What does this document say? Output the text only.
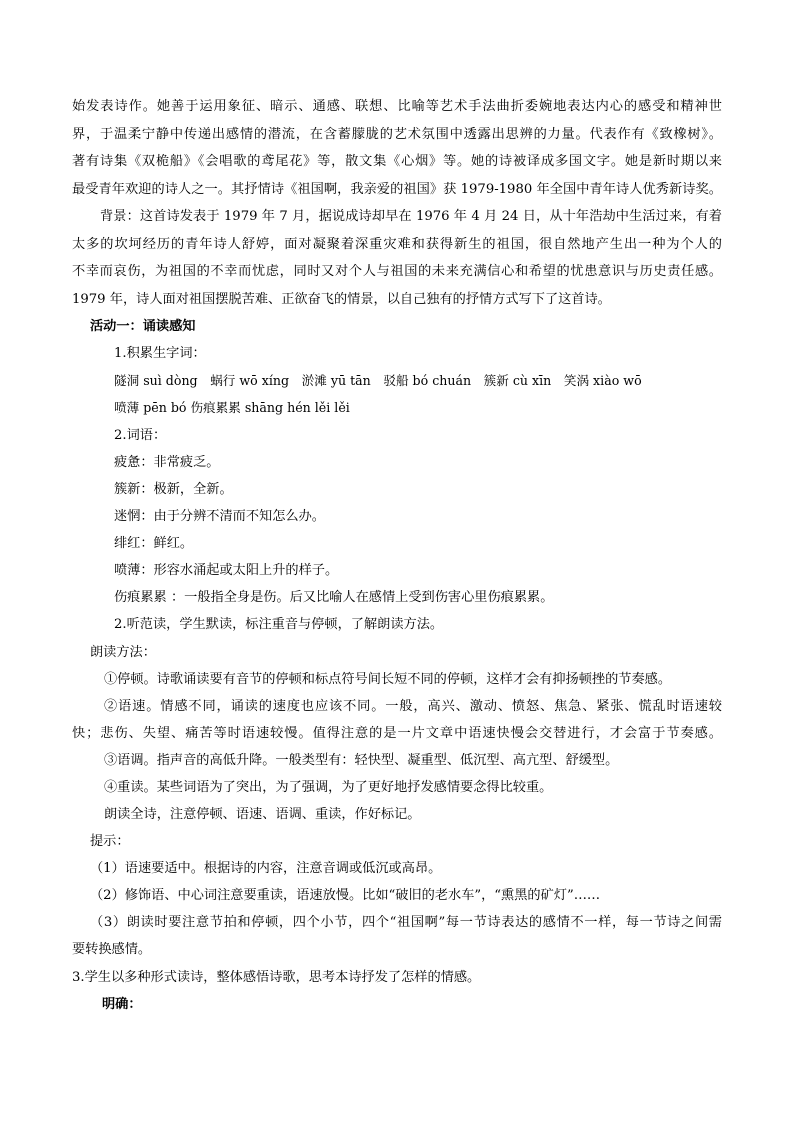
始发表诗作。她善于运用象征、暗示、通感、联想、比喻等艺术手法曲折委婉地表达内心的感受和精神世
界，于温柔宁静中传递出感情的潜流，在含蓄朦胧的艺术氛围中透露出思辨的力量。代表作有《致橡树》。
著有诗集《双桅船》《会唱歌的鸢尾花》等，散文集《心烟》等。她的诗被译成多国文字。她是新时期以来
最受青年欢迎的诗人之一。其抒情诗《祖国啊，我亲爱的祖国》获 1979-1980 年全国中青年诗人优秀新诗奖。
背景：这首诗发表于 1979 年 7 月，据说成诗却早在 1976 年 4 月 24 日，从十年浩劫中生活过来，有着
太多的坎坷经历的青年诗人舒婷，面对凝聚着深重灾难和获得新生的祖国，很自然地产生出一种为个人的
不幸而哀伤，为祖国的不幸而忧虑，同时又对个人与祖国的未来充满信心和希望的忧患意识与历史责任感。
1979 年，诗人面对祖国摆脱苦难、正欲奋飞的情景，以自己独有的抒情方式写下了这首诗。
活动一：诵读感知
1.积累生字词：
隧洞 suì dòng　蜗行 wō xíng　淤滩 yū tān　驳船 bó chuán　簇新 cù xīn　笑涡 xiào wō
喷薄 pēn bó 伤痕累累 shāng hén lěi lěi
2.词语：
疲惫：非常疲乏。
簇新：极新，全新。
迷惘：由于分辨不清而不知怎么办。
绯红：鲜红。
喷薄：形容水涌起或太阳上升的样子。
伤痕累累 ：一般指全身是伤。后又比喻人在感情上受到伤害心里伤痕累累。
2.听范读，学生默读，标注重音与停顿，了解朗读方法。
朗读方法：
①停顿。诗歌诵读要有音节的停顿和标点符号间长短不同的停顿，这样才会有抑扬顿挫的节奏感。
②语速。情感不同，诵读的速度也应该不同。一般，高兴、激动、愤怒、焦急、紧张、慌乱时语速较
快；悲伤、失望、痛苦等时语速较慢。值得注意的是一片文章中语速快慢会交替进行，才会富于节奏感。
③语调。指声音的高低升降。一般类型有：轻快型、凝重型、低沉型、高亢型、舒缓型。
④重读。某些词语为了突出，为了强调，为了更好地抒发感情要念得比较重。
朗读全诗，注意停顿、语速、语调、重读，作好标记。
提示：
（1）语速要适中。根据诗的内容，注意音调或低沉或高昂。
（2）修饰语、中心词注意要重读，语速放慢。比如“破旧的老水车”，“熏黑的矿灯”……
（3）朗读时要注意节拍和停顿，四个小节，四个“祖国啊”每一节诗表达的感情不一样，每一节诗之间需
要转换感情。
3.学生以多种形式读诗，整体感悟诗歌，思考本诗抒发了怎样的情感。
明确：
